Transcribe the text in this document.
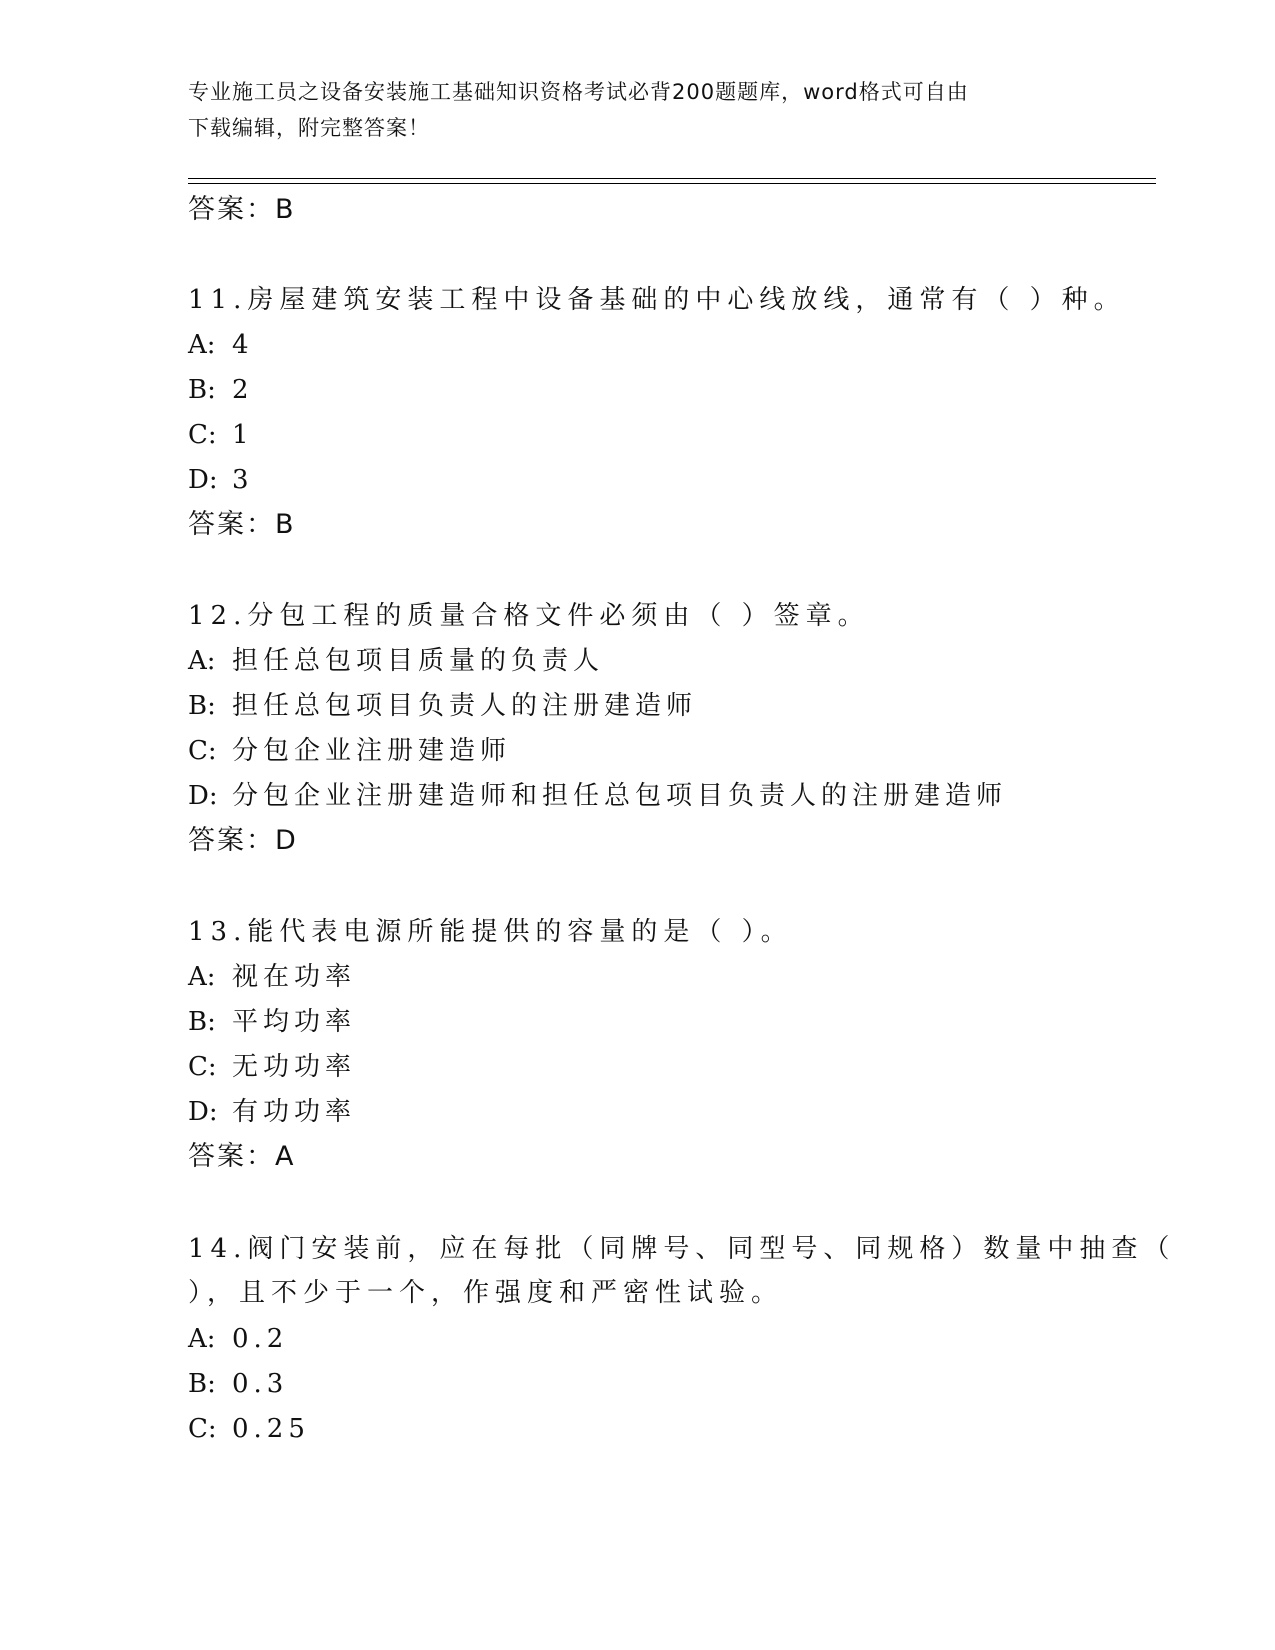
专业施工员之设备安装施工基础知识资格考试必背200题题库，word格式可自由
下载编辑，附完整答案！
答案：B
11.房屋建筑安装工程中设备基础的中心线放线，通常有（ ）种。
A: 4
B: 2
C: 1
D: 3
答案：B
12.分包工程的质量合格文件必须由（ ）签章。
A: 担任总包项目质量的负责人
B: 担任总包项目负责人的注册建造师
C: 分包企业注册建造师
D: 分包企业注册建造师和担任总包项目负责人的注册建造师
答案：D
13.能代表电源所能提供的容量的是（ ）。
A: 视在功率
B: 平均功率
C: 无功功率
D: 有功功率
答案：A
14.阀门安装前，应在每批（同牌号、同型号、同规格）数量中抽查（
），且不少于一个，作强度和严密性试验。
A: 0.2
B: 0.3
C: 0.25
